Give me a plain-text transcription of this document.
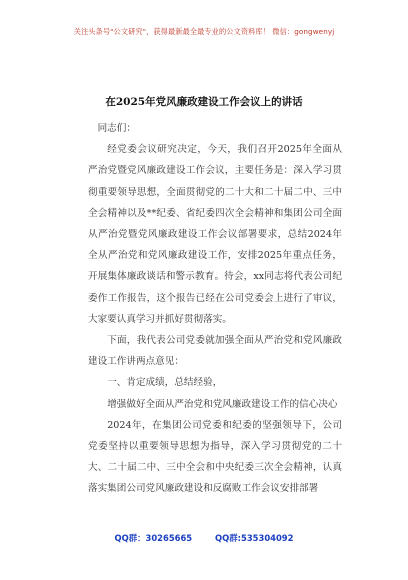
关注头条号"公文研究"，获得最新最全最专业的公文资料库！ 微信：gongwenyj
在2025年党风廉政建设工作会议上的讲话

同志们：

经党委会议研究决定，今天，我们召开2025年全面从严治党暨党风廉政建设工作会议，主要任务是：深入学习贯彻重要领导思想，全面贯彻党的二十大和二十届二中、三中全会精神以及**纪委、省纪委四次全会精神和集团公司全面从严治党暨党风廉政建设工作会议部署要求，总结2024年全从严治党和党风廉政建设工作，安排2025年重点任务，开展集体廉政谈话和警示教育。待会，xx同志将代表公司纪委作工作报告，这个报告已经在公司党委会上进行了审议，大家要认真学习并抓好贯彻落实。

下面，我代表公司党委就加强全面从严治党和党风廉政建设工作讲两点意见：

一、肯定成绩，总结经验，

增强做好全面从严治党和党风廉政建设工作的信心决心

2024年，在集团公司党委和纪委的坚强领导下，公司党委坚持以重要领导思想为指导，深入学习贯彻党的二十大、二十届二中、三中全会和中央纪委三次全会精神，认真落实集团公司党风廉政建设和反腐败工作会议安排部署

QQ群：30265665	QQ群:535304092
